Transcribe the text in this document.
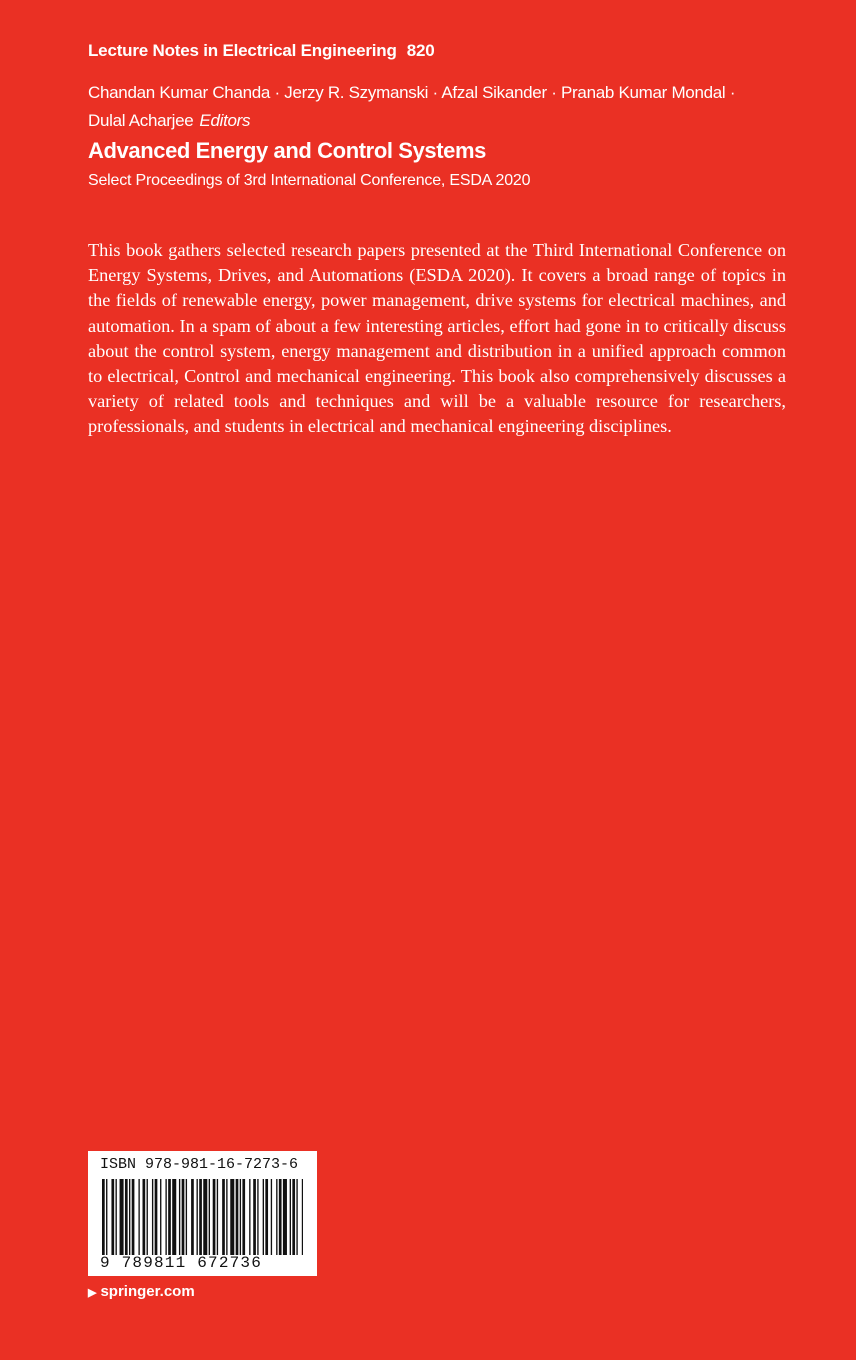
Lecture Notes in Electrical Engineering 820
Chandan Kumar Chanda · Jerzy R. Szymanski · Afzal Sikander · Pranab Kumar Mondal ·
Dulal Acharjee Editors
Advanced Energy and Control Systems
Select Proceedings of 3rd International Conference, ESDA 2020

This book gathers selected research papers presented at the Third International Conference on Energy Systems, Drives, and Automations (ESDA 2020). It covers a broad range of topics in the fields of renewable energy, power management, drive systems for electrical machines, and automation. In a spam of about a few interesting articles, effort had gone in to critically discuss about the control system, energy management and distribution in a unified approach common to electrical, Control and mechanical engineering. This book also comprehensively discusses a variety of related tools and techniques and will be a valuable resource for researchers, professionals, and students in electrical and mechanical engineering disciplines.

ISBN 978-981-16-7273-6
9 789811 672736
▶ springer.com
